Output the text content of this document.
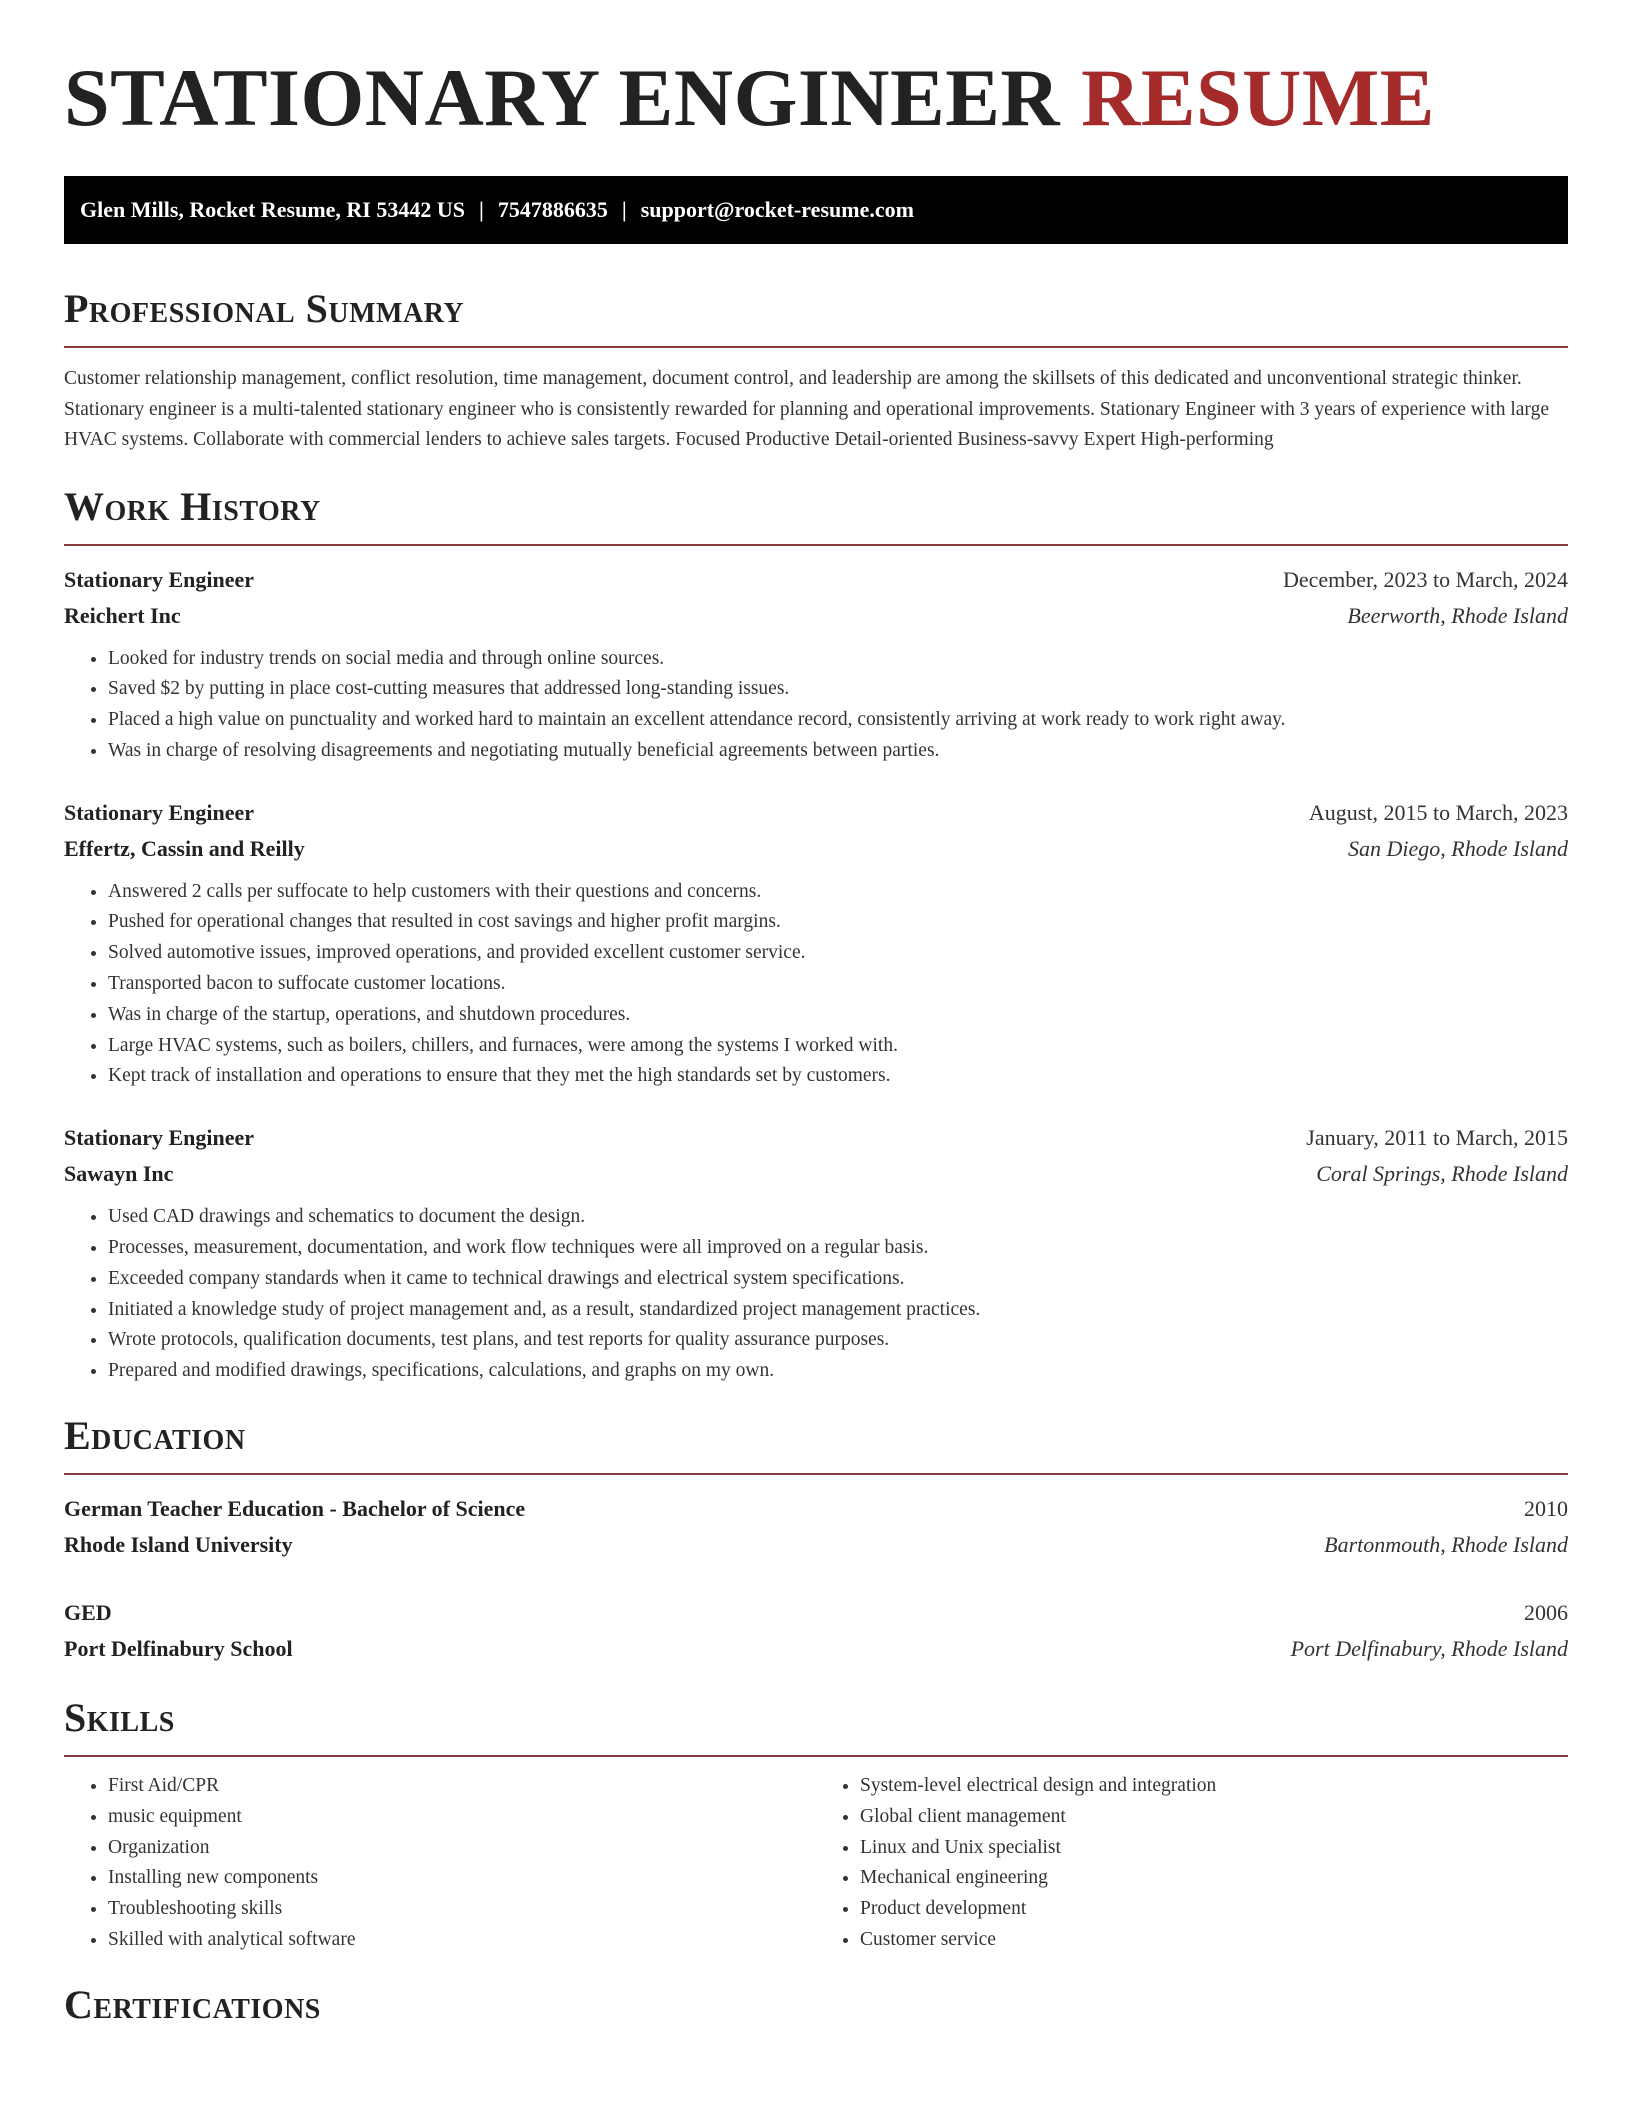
STATIONARY ENGINEER RESUME
Glen Mills, Rocket Resume, RI 53442 US | 7547886635 | support@rocket-resume.com
Professional Summary

Customer relationship management, conflict resolution, time management, document control, and leadership are among the skillsets of this dedicated and unconventional strategic thinker. Stationary engineer is a multi-talented stationary engineer who is consistently rewarded for planning and operational improvements. Stationary Engineer with 3 years of experience with large HVAC systems. Collaborate with commercial lenders to achieve sales targets. Focused Productive Detail-oriented Business-savvy Expert High-performing

Work History
Stationary Engineer	December, 2023 to March, 2024
Reichert Inc	Beerworth, Rhode Island
• Looked for industry trends on social media and through online sources.
• Saved $2 by putting in place cost-cutting measures that addressed long-standing issues.
• Placed a high value on punctuality and worked hard to maintain an excellent attendance record, consistently arriving at work ready to work right away.
• Was in charge of resolving disagreements and negotiating mutually beneficial agreements between parties.
Stationary Engineer	August, 2015 to March, 2023
Effertz, Cassin and Reilly	San Diego, Rhode Island
• Answered 2 calls per suffocate to help customers with their questions and concerns.
• Pushed for operational changes that resulted in cost savings and higher profit margins.
• Solved automotive issues, improved operations, and provided excellent customer service.
• Transported bacon to suffocate customer locations.
• Was in charge of the startup, operations, and shutdown procedures.
• Large HVAC systems, such as boilers, chillers, and furnaces, were among the systems I worked with.
• Kept track of installation and operations to ensure that they met the high standards set by customers.
Stationary Engineer	January, 2011 to March, 2015
Sawayn Inc	Coral Springs, Rhode Island
• Used CAD drawings and schematics to document the design.
• Processes, measurement, documentation, and work flow techniques were all improved on a regular basis.
• Exceeded company standards when it came to technical drawings and electrical system specifications.
• Initiated a knowledge study of project management and, as a result, standardized project management practices.
• Wrote protocols, qualification documents, test plans, and test reports for quality assurance purposes.
• Prepared and modified drawings, specifications, calculations, and graphs on my own.
Education
German Teacher Education - Bachelor of Science	2010
Rhode Island University	Bartonmouth, Rhode Island
GED	2006
Port Delfinabury School	Port Delfinabury, Rhode Island
Skills
• First Aid/CPR
• music equipment
• Organization
• Installing new components
• Troubleshooting skills
• Skilled with analytical software
• System-level electrical design and integration
• Global client management
• Linux and Unix specialist
• Mechanical engineering
• Product development
• Customer service
Certifications
